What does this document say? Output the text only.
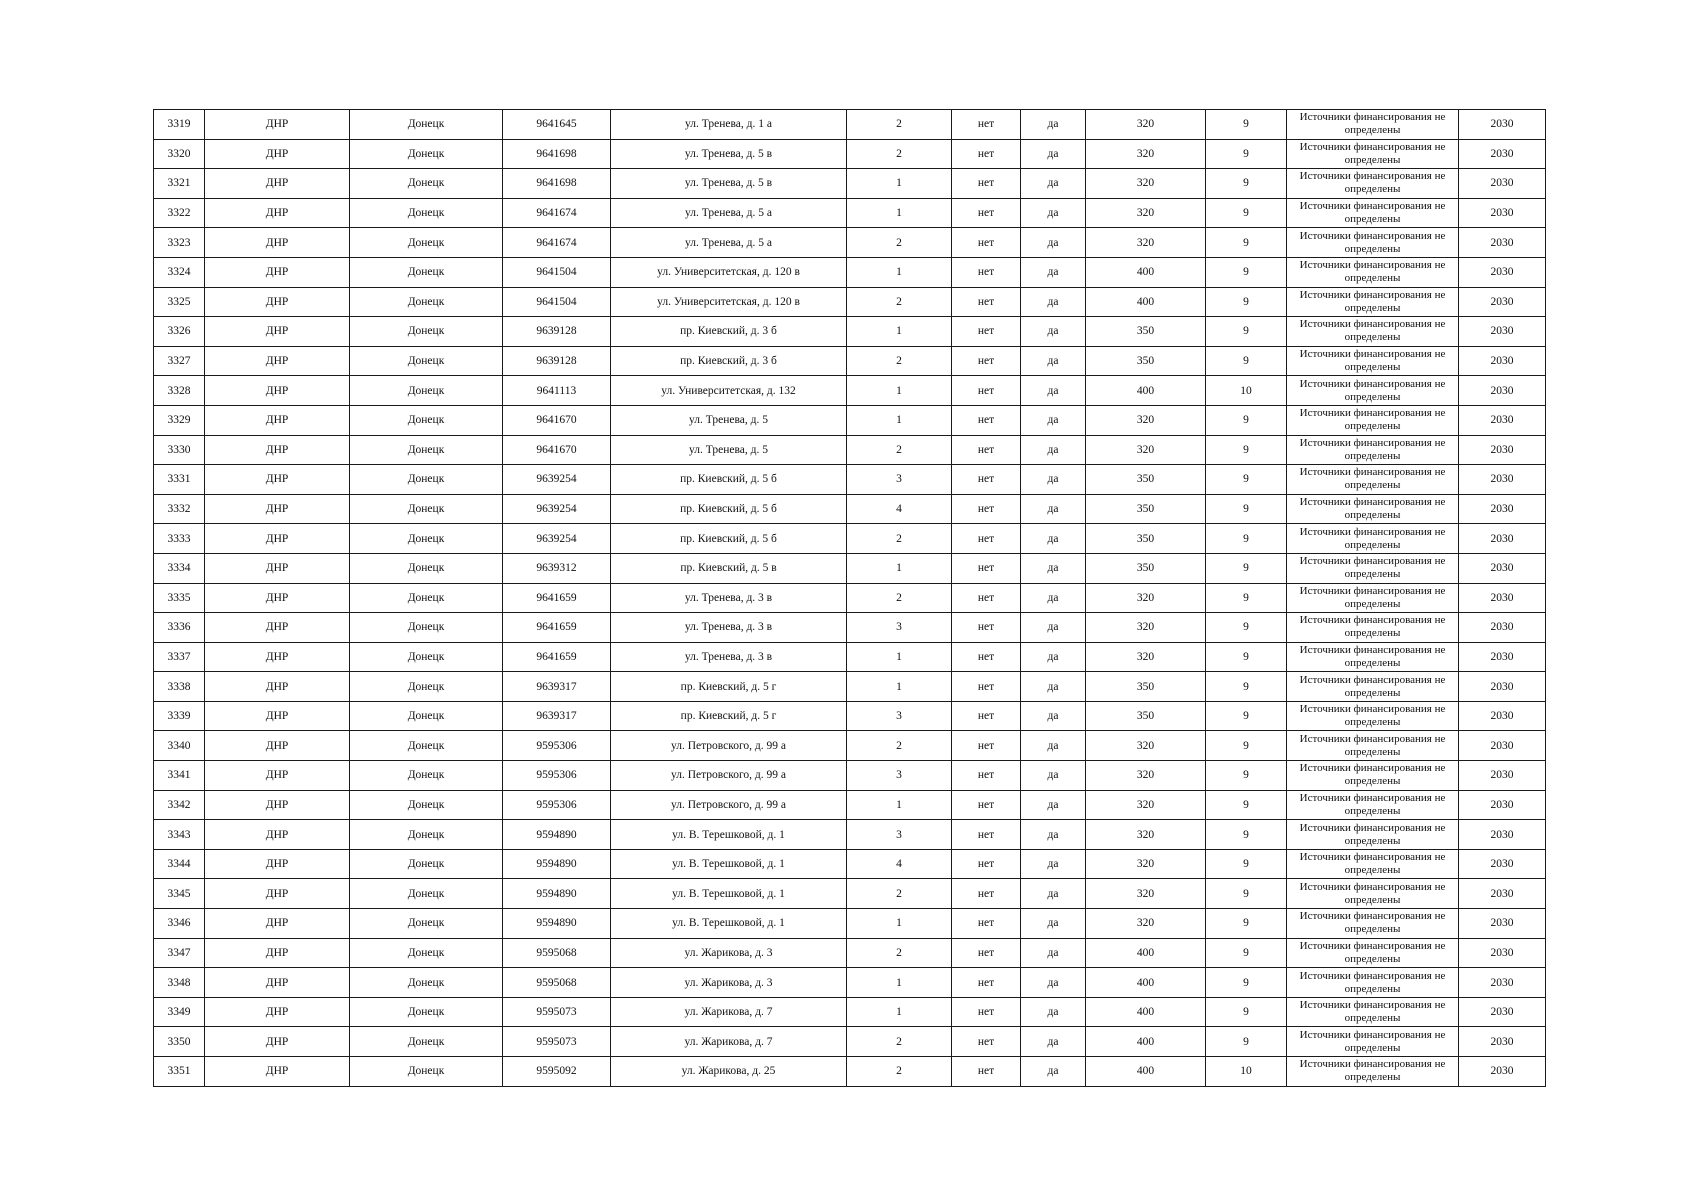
3319	ДНР	Донецк	9641645	ул. Тренева, д. 1 а	2	нет	да	320	9	Источники финансирования не определены	2030
3320	ДНР	Донецк	9641698	ул. Тренева, д. 5 в	2	нет	да	320	9	Источники финансирования не определены	2030
3321	ДНР	Донецк	9641698	ул. Тренева, д. 5 в	1	нет	да	320	9	Источники финансирования не определены	2030
3322	ДНР	Донецк	9641674	ул. Тренева, д. 5 а	1	нет	да	320	9	Источники финансирования не определены	2030
3323	ДНР	Донецк	9641674	ул. Тренева, д. 5 а	2	нет	да	320	9	Источники финансирования не определены	2030
3324	ДНР	Донецк	9641504	ул. Университетская, д. 120 в	1	нет	да	400	9	Источники финансирования не определены	2030
3325	ДНР	Донецк	9641504	ул. Университетская, д. 120 в	2	нет	да	400	9	Источники финансирования не определены	2030
3326	ДНР	Донецк	9639128	пр. Киевский, д. 3 б	1	нет	да	350	9	Источники финансирования не определены	2030
3327	ДНР	Донецк	9639128	пр. Киевский, д. 3 б	2	нет	да	350	9	Источники финансирования не определены	2030
3328	ДНР	Донецк	9641113	ул. Университетская, д. 132	1	нет	да	400	10	Источники финансирования не определены	2030
3329	ДНР	Донецк	9641670	ул. Тренева, д. 5	1	нет	да	320	9	Источники финансирования не определены	2030
3330	ДНР	Донецк	9641670	ул. Тренева, д. 5	2	нет	да	320	9	Источники финансирования не определены	2030
3331	ДНР	Донецк	9639254	пр. Киевский, д. 5 б	3	нет	да	350	9	Источники финансирования не определены	2030
3332	ДНР	Донецк	9639254	пр. Киевский, д. 5 б	4	нет	да	350	9	Источники финансирования не определены	2030
3333	ДНР	Донецк	9639254	пр. Киевский, д. 5 б	2	нет	да	350	9	Источники финансирования не определены	2030
3334	ДНР	Донецк	9639312	пр. Киевский, д. 5 в	1	нет	да	350	9	Источники финансирования не определены	2030
3335	ДНР	Донецк	9641659	ул. Тренева, д. 3 в	2	нет	да	320	9	Источники финансирования не определены	2030
3336	ДНР	Донецк	9641659	ул. Тренева, д. 3 в	3	нет	да	320	9	Источники финансирования не определены	2030
3337	ДНР	Донецк	9641659	ул. Тренева, д. 3 в	1	нет	да	320	9	Источники финансирования не определены	2030
3338	ДНР	Донецк	9639317	пр. Киевский, д. 5 г	1	нет	да	350	9	Источники финансирования не определены	2030
3339	ДНР	Донецк	9639317	пр. Киевский, д. 5 г	3	нет	да	350	9	Источники финансирования не определены	2030
3340	ДНР	Донецк	9595306	ул. Петровского, д. 99 а	2	нет	да	320	9	Источники финансирования не определены	2030
3341	ДНР	Донецк	9595306	ул. Петровского, д. 99 а	3	нет	да	320	9	Источники финансирования не определены	2030
3342	ДНР	Донецк	9595306	ул. Петровского, д. 99 а	1	нет	да	320	9	Источники финансирования не определены	2030
3343	ДНР	Донецк	9594890	ул. В. Терешковой, д. 1	3	нет	да	320	9	Источники финансирования не определены	2030
3344	ДНР	Донецк	9594890	ул. В. Терешковой, д. 1	4	нет	да	320	9	Источники финансирования не определены	2030
3345	ДНР	Донецк	9594890	ул. В. Терешковой, д. 1	2	нет	да	320	9	Источники финансирования не определены	2030
3346	ДНР	Донецк	9594890	ул. В. Терешковой, д. 1	1	нет	да	320	9	Источники финансирования не определены	2030
3347	ДНР	Донецк	9595068	ул. Жарикова, д. 3	2	нет	да	400	9	Источники финансирования не определены	2030
3348	ДНР	Донецк	9595068	ул. Жарикова, д. 3	1	нет	да	400	9	Источники финансирования не определены	2030
3349	ДНР	Донецк	9595073	ул. Жарикова, д. 7	1	нет	да	400	9	Источники финансирования не определены	2030
3350	ДНР	Донецк	9595073	ул. Жарикова, д. 7	2	нет	да	400	9	Источники финансирования не определены	2030
3351	ДНР	Донецк	9595092	ул. Жарикова, д. 25	2	нет	да	400	10	Источники финансирования не определены	2030
